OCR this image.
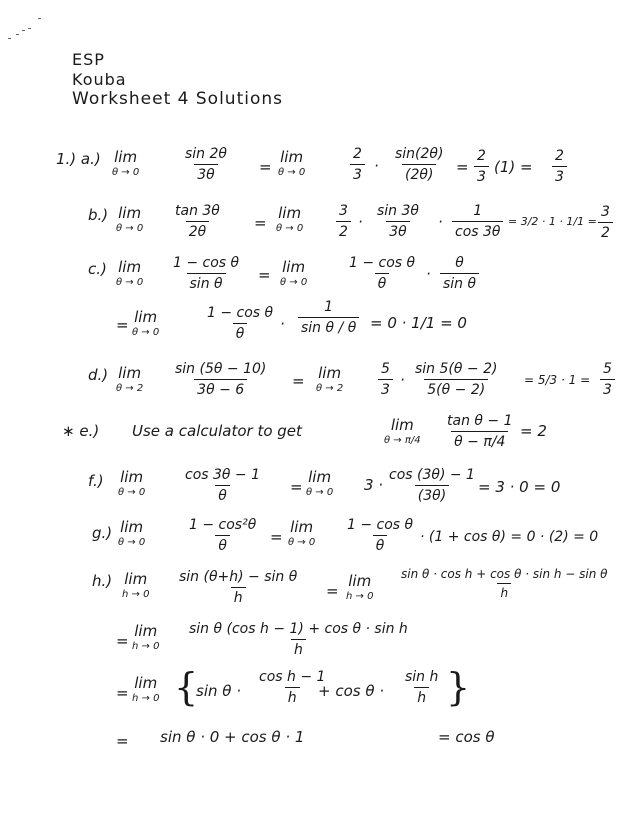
ESP
Kouba
Worksheet 4 Solutions
1.) a.) lim
θ → 0	$\frac{\sin 2\theta}{3\theta}$ =
lim
θ → 0	$\frac{2}{3} \cdot \frac{\sin(2\theta)}{(2\theta)} = \frac{2}{3} (1) = \frac{2}{3}$
b.) lim
$\theta \to 0 \frac{\tan 3\theta}{2\theta}$ =
lim
$\theta \to 0 \frac{3}{2} \cdot \frac{\sin 3\theta}{3\theta} \cdot \frac{1}{\cos 3\theta} = 3/2 \cdot 1 \cdot 1/1 = \frac{3}{2}$
c.) lim
$\theta \to 0 \frac{\text{1 − cos θ}}{\text{sin θ}} = \lim$
θ → 0	$\frac{\text{1 − cos θ}}{\theta} \cdot \frac{\theta}{\text{sin θ}}$
= lim
θ → 0	$\frac{\text{1 − cos θ}}{\theta} \cdot \frac{1}{\text{sin θ / θ}} = 0 \cdot 1/1 = 0$
d.) lim
$\theta \to 2 \frac{\sin (5\theta - 10)}{3\theta - 6} = \lim$
$\theta \to 2 \frac{5}{3} \cdot \frac{\sin 5(\theta - 2)}{5(\theta - 2)} = 5/3 \cdot 1 = \frac{5}{3}$
∗ e.) Use a calculator to get	lim
$\theta \to \pi/4 \frac{\text{tan θ − 1}}{\theta - \pi/4} = 2$
f.) lim
θ → 0	$\frac{\cos 3\theta - 1}{\theta}$ =
lim
θ → 0 $3 \cdot \frac{\cos (3\theta) - 1}{(3\theta)} = 3 \cdot 0 = 0$
g.) lim
θ → 0	$\frac{\text{1 − cos²θ}}{\theta}$ =
lim
$\theta \to 0 \frac{\text{1 − cos θ}}{\theta} \cdot (1 + \cos \theta) = 0 \cdot (2) = 0$
h.) lim
$h \to 0 \frac{\text{sin (θ+h) − sin θ}}{h}$ =
lim
$h \to 0 \frac{\text{sin θ · cos h + cos θ · sin h − sin θ}}{h}$
=
lim
$h \to 0 \frac{\text{sin θ (cos h − 1) + cos θ · sin h}}{h}$
=
lim
h → 0 {
$\sin \theta \cdot \frac{\text{cos h − 1}}{h}$
+ $\cos \theta \cdot \frac{\text{sin h}}{h}$ }
= sin θ · 0 + cos θ · 1	= cos θ
